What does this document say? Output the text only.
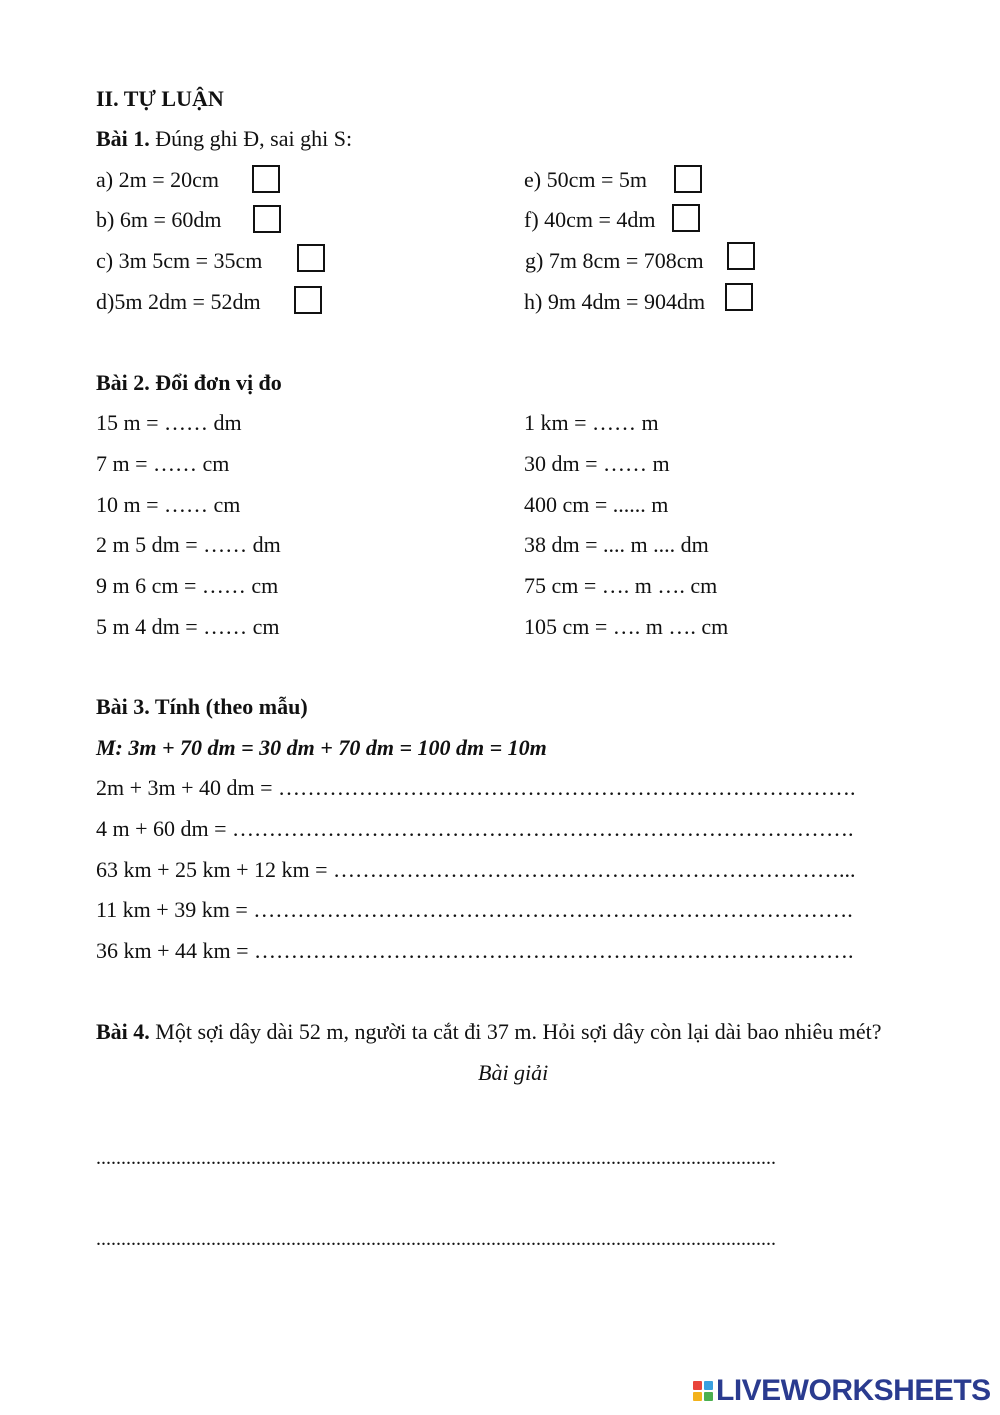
II. TỰ LUẬN
Bài 1. Đúng ghi Đ, sai ghi S:
a) 2m = 20cm
b) 6m = 60dm
c) 3m 5cm = 35cm
d)5m 2dm = 52dm
e) 50cm = 5m
f) 40cm = 4dm
g) 7m 8cm = 708cm
h) 9m 4dm = 904dm
Bài 2. Đổi đơn vị đo
15 m = …… dm
7 m = …… cm
10 m = …… cm
2 m 5 dm = …… dm
9 m 6 cm = …… cm
5 m 4 dm = …… cm
1 km = …… m
30 dm = …… m
400 cm = ...... m
38 dm = .... m .... dm
75 cm = …. m …. cm
105 cm = …. m …. cm
Bài 3. Tính (theo mẫu)
M: 3m + 70 dm = 30 dm + 70 dm = 100 dm = 10m
2m + 3m + 40 dm = …………………………………………………………………….
4 m + 60 dm = ………………………………………………………………………….
63 km + 25 km + 12 km = ……………………………………………………………...
11 km + 39 km = ……………………………………………………………………….
36 km + 44 km = ……………………………………………………………………….
Bài 4. Một sợi dây dài 52 m, người ta cắt đi 37 m. Hỏi sợi dây còn lại dài bao nhiêu mét?
Bài giải
........................................................................................................................................
........................................................................................................................................
LIVEWORKSHEETS
